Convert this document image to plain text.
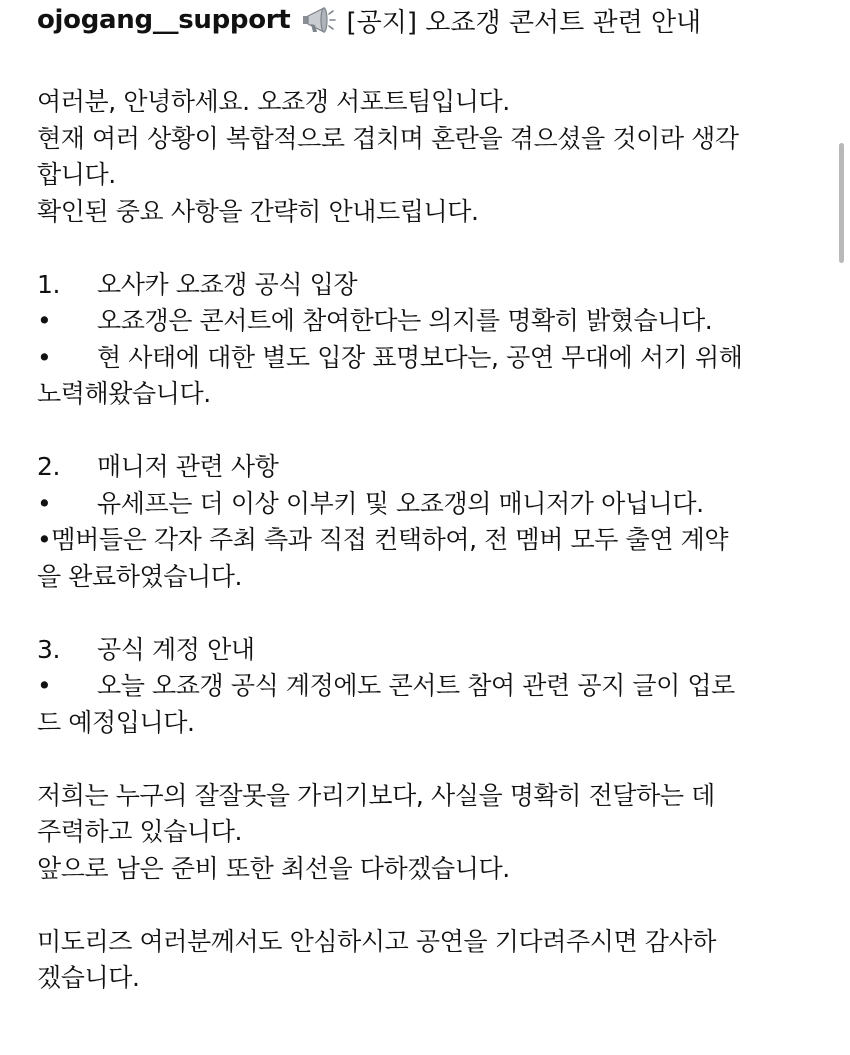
ojogang__support [공지] 오죠갱 콘서트 관련 안내
여러분, 안녕하세요. 오죠갱 서포트팀입니다.
현재 여러 상황이 복합적으로 겹치며 혼란을 겪으셨을 것이라 생각
합니다.
확인된 중요 사항을 간략히 안내드립니다.
1. 오사카 오죠갱 공식 입장
• 오죠갱은 콘서트에 참여한다는 의지를 명확히 밝혔습니다.
• 현 사태에 대한 별도 입장 표명보다는, 공연 무대에 서기 위해
노력해왔습니다.
2. 매니저 관련 사항
• 유세프는 더 이상 이부키 및 오죠갱의 매니저가 아닙니다.
•멤버들은 각자 주최 측과 직접 컨택하여, 전 멤버 모두 출연 계약
을 완료하였습니다.
3. 공식 계정 안내
• 오늘 오죠갱 공식 계정에도 콘서트 참여 관련 공지 글이 업로
드 예정입니다.
저희는 누구의 잘잘못을 가리기보다, 사실을 명확히 전달하는 데
주력하고 있습니다.
앞으로 남은 준비 또한 최선을 다하겠습니다.
미도리즈 여러분께서도 안심하시고 공연을 기다려주시면 감사하
겠습니다.
